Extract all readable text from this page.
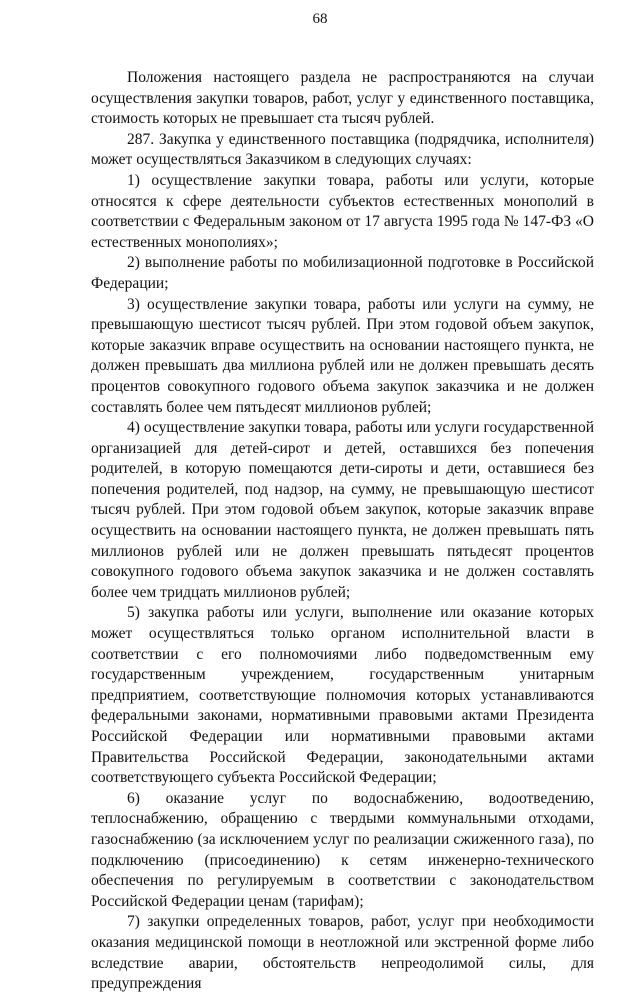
68

Положения настоящего раздела не распространяются на случаи осуществления закупки товаров, работ, услуг у единственного поставщика, стоимость которых не превышает ста тысяч рублей.

287. Закупка у единственного поставщика (подрядчика, исполнителя) может осуществляться Заказчиком в следующих случаях:

1) осуществление закупки товара, работы или услуги, которые относятся к сфере деятельности субъектов естественных монополий в соответствии с Федеральным законом от 17 августа 1995 года № 147-ФЗ «О естественных монополиях»;

2) выполнение работы по мобилизационной подготовке в Российской Федерации;

3) осуществление закупки товара, работы или услуги на сумму, не превышающую шестисот тысяч рублей. При этом годовой объем закупок, которые заказчик вправе осуществить на основании настоящего пункта, не должен превышать два миллиона рублей или не должен превышать десять процентов совокупного годового объема закупок заказчика и не должен составлять более чем пятьдесят миллионов рублей;

4) осуществление закупки товара, работы или услуги государственной организацией для детей-сирот и детей, оставшихся без попечения родителей, в которую помещаются дети-сироты и дети, оставшиеся без попечения родителей, под надзор, на сумму, не превышающую шестисот тысяч рублей. При этом годовой объем закупок, которые заказчик вправе осуществить на основании настоящего пункта, не должен превышать пять миллионов рублей или не должен превышать пятьдесят процентов совокупного годового объема закупок заказчика и не должен составлять более чем тридцать миллионов рублей;

5) закупка работы или услуги, выполнение или оказание которых может осуществляться только органом исполнительной власти в соответствии с его полномочиями либо подведомственным ему государственным учреждением, государственным унитарным предприятием, соответствующие полномочия которых устанавливаются федеральными законами, нормативными правовыми актами Президента Российской Федерации или нормативными правовыми актами Правительства Российской Федерации, законодательными актами соответствующего субъекта Российской Федерации;

6) оказание услуг по водоснабжению, водоотведению, теплоснабжению, обращению с твердыми коммунальными отходами, газоснабжению (за исключением услуг по реализации сжиженного газа), по подключению (присоединению) к сетям инженерно-технического обеспечения по регулируемым в соответствии с законодательством Российской Федерации ценам (тарифам);

7) закупки определенных товаров, работ, услуг при необходимости оказания медицинской помощи в неотложной или экстренной форме либо вследствие аварии, обстоятельств непреодолимой силы, для предупреждения
